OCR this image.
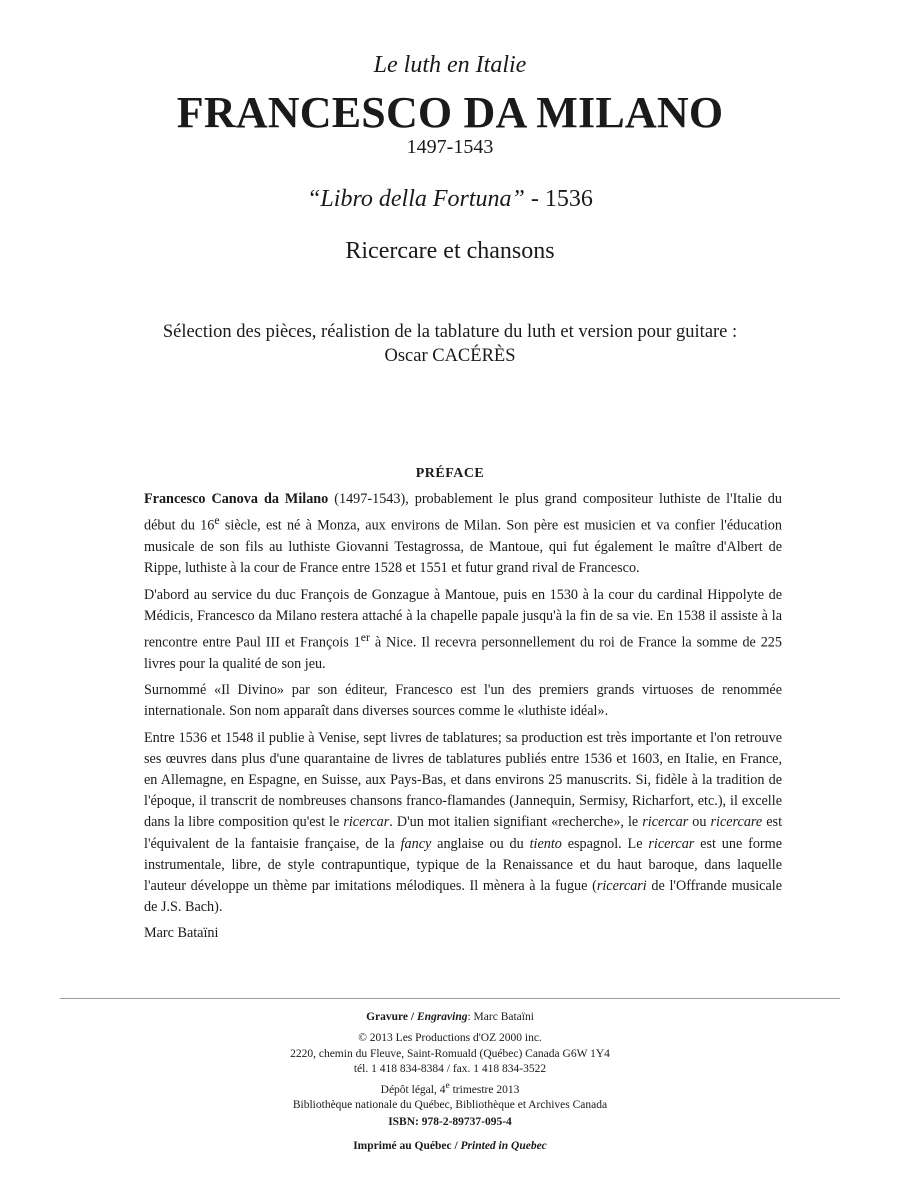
Le luth en Italie
FRANCESCO DA MILANO
1497-1543
“Libro della Fortuna” - 1536
Ricercare et chansons
Sélection des pièces, réalistion de la tablature du luth et version pour guitare :
Oscar CACÉRÈS
PRÉFACE

Francesco Canova da Milano (1497-1543), probablement le plus grand compositeur luthiste de l'Italie du début du 16e siècle, est né à Monza, aux environs de Milan. Son père est musicien et va confier l'éducation musicale de son fils au luthiste Giovanni Testagrossa, de Mantoue, qui fut également le maître d'Albert de Rippe, luthiste à la cour de France entre 1528 et 1551 et futur grand rival de Francesco.

D'abord au service du duc François de Gonzague à Mantoue, puis en 1530 à la cour du cardinal Hippolyte de Médicis, Francesco da Milano restera attaché à la chapelle papale jusqu'à la fin de sa vie. En 1538 il assiste à la rencontre entre Paul III et François 1er à Nice. Il recevra personnellement du roi de France la somme de 225 livres pour la qualité de son jeu.

Surnommé «Il Divino» par son éditeur, Francesco est l'un des premiers grands virtuoses de renommée internationale. Son nom apparaît dans diverses sources comme le «luthiste idéal».

Entre 1536 et 1548 il publie à Venise, sept livres de tablatures; sa production est très importante et l'on retrouve ses œuvres dans plus d'une quarantaine de livres de tablatures publiés entre 1536 et 1603, en Italie, en France, en Allemagne, en Espagne, en Suisse, aux Pays-Bas, et dans environs 25 manuscrits. Si, fidèle à la tradition de l'époque, il transcrit de nombreuses chansons franco-flamandes (Jannequin, Sermisy, Richarfort, etc.), il excelle dans la libre composition qu'est le ricercar. D'un mot italien signifiant «recherche», le ricercar ou ricercare est l'équivalent de la fantaisie française, de la fancy anglaise ou du tiento espagnol. Le ricercar est une forme instrumentale, libre, de style contrapuntique, typique de la Renaissance et du haut baroque, dans laquelle l'auteur développe un thème par imitations mélodiques. Il mènera à la fugue (ricercari de l'Offrande musicale de J.S. Bach).

Marc Bataïni

Gravure / Engraving: Marc Bataïni
© 2013 Les Productions d'OZ 2000 inc.
2220, chemin du Fleuve, Saint-Romuald (Québec) Canada G6W 1Y4
tél. 1 418 834-8384 / fax. 1 418 834-3522
Dépôt légal, 4e trimestre 2013
Bibliothèque nationale du Québec, Bibliothèque et Archives Canada
ISBN: 978-2-89737-095-4
Imprimé au Québec / Printed in Quebec
